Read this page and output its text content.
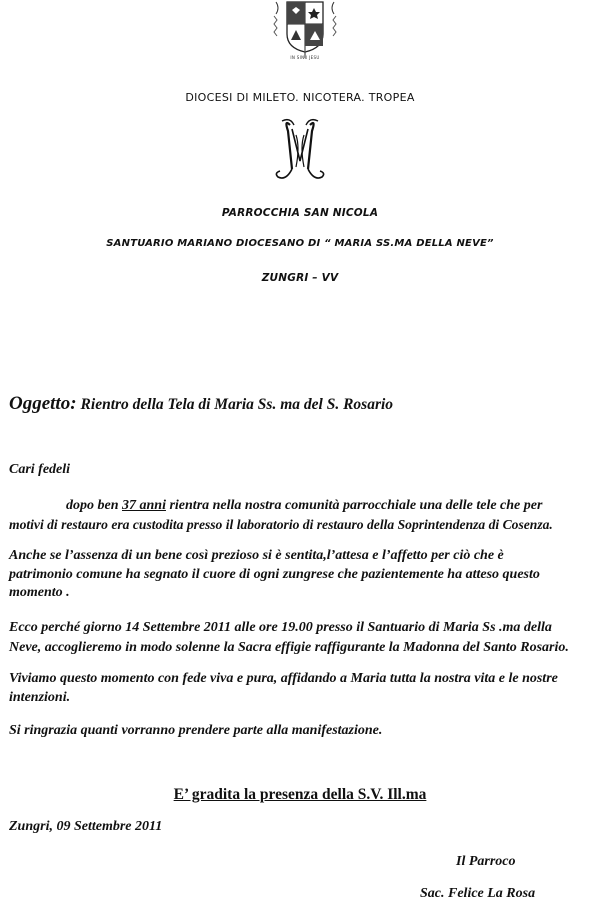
IN SINU JESU
DIOCESI DI MILETO. NICOTERA. TROPEA
PARROCCHIA SAN NICOLA
SANTUARIO MARIANO DIOCESANO DI “ MARIA SS.MA DELLA NEVE”
ZUNGRI – VV
Oggetto: Rientro della Tela di Maria Ss. ma del S. Rosario
Cari fedeli
dopo ben 37 anni rientra nella nostra comunità parrocchiale una delle tele che per
motivi di restauro era custodita presso il laboratorio di restauro della Soprintendenza di Cosenza.
Anche se l’assenza di un bene così prezioso si è sentita,l’attesa e l’affetto per ciò che è
patrimonio comune ha segnato il cuore di ogni zungrese che pazientemente ha atteso questo
momento .
Ecco perché giorno 14 Settembre 2011 alle ore 19.00 presso il Santuario di Maria Ss .ma della
Neve, accoglieremo in modo solenne la Sacra effigie raffigurante la Madonna del Santo Rosario.
Viviamo questo momento con fede viva e pura, affidando a Maria tutta la nostra vita e le nostre
intenzioni.
Si ringrazia quanti vorranno prendere parte alla manifestazione.
E’ gradita la presenza della S.V. Ill.ma
Zungri, 09 Settembre 2011
Il Parroco
Sac. Felice La Rosa
